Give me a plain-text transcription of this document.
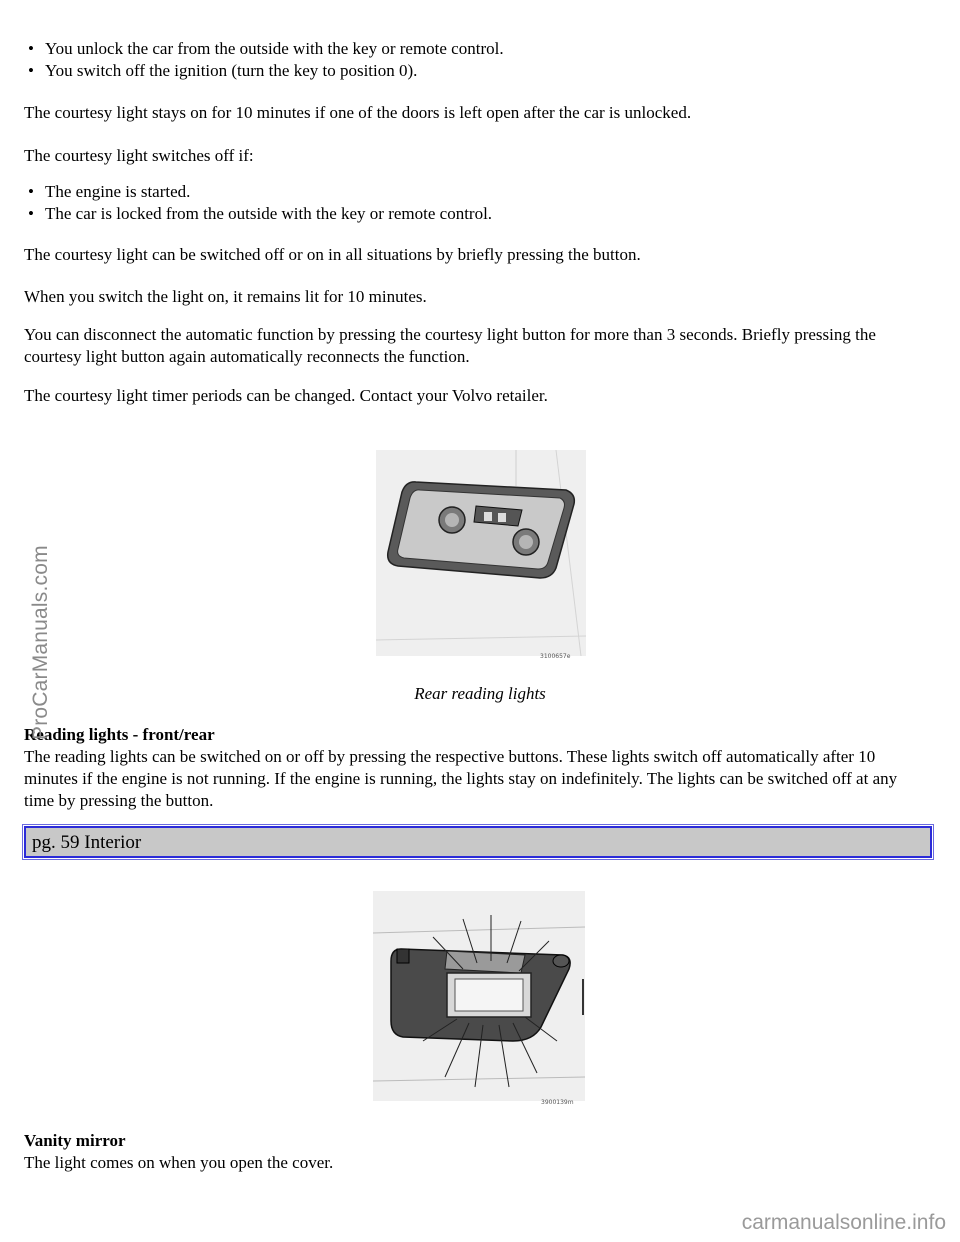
• You unlock the car from the outside with the key or remote control.
• You switch off the ignition (turn the key to position 0).

The courtesy light stays on for 10 minutes if one of the doors is left open after the car is unlocked.

The courtesy light switches off if:

• The engine is started.
• The car is locked from the outside with the key or remote control.

The courtesy light can be switched off or on in all situations by briefly pressing the button.

When you switch the light on, it remains lit for 10 minutes.

You can disconnect the automatic function by pressing the courtesy light button for more than 3 seconds. Briefly pressing the courtesy light button again automatically reconnects the function.

The courtesy light timer periods can be changed. Contact your Volvo retailer.

3100657e

Rear reading lights

Reading lights - front/rear

The reading lights can be switched on or off by pressing the respective buttons. These lights switch off automatically after 10 minutes if the engine is not running. If the engine is running, the lights stay on indefinitely. The lights can be switched off at any time by pressing the button.

pg. 59 Interior
3900139m

Vanity mirror

The light comes on when you open the cover.

ProCarManuals.com
carmanualsonline.info
